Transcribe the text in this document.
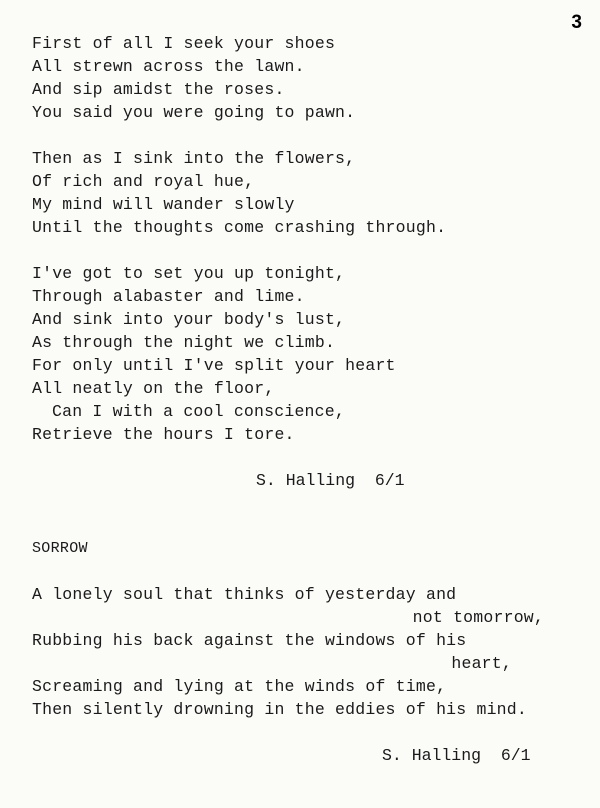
3
First of all I seek your shoes
All strewn across the lawn.
And sip amidst the roses.
You said you were going to pawn.
Then as I sink into the flowers,
Of rich and royal hue,
My mind will wander slowly
Until the thoughts come crashing through.
I've got to set you up tonight,
Through alabaster and lime.
And sink into your body's lust,
As through the night we climb.
For only until I've split your heart
All neatly on the floor,
Can I with a cool conscience,
Retrieve the hours I tore.
S. Halling  6/1
SORROW
A lonely soul that thinks of yesterday and
not tomorrow,
Rubbing his back against the windows of his
heart,
Screaming and lying at the winds of time,
Then silently drowning in the eddies of his mind.
S. Halling  6/1
